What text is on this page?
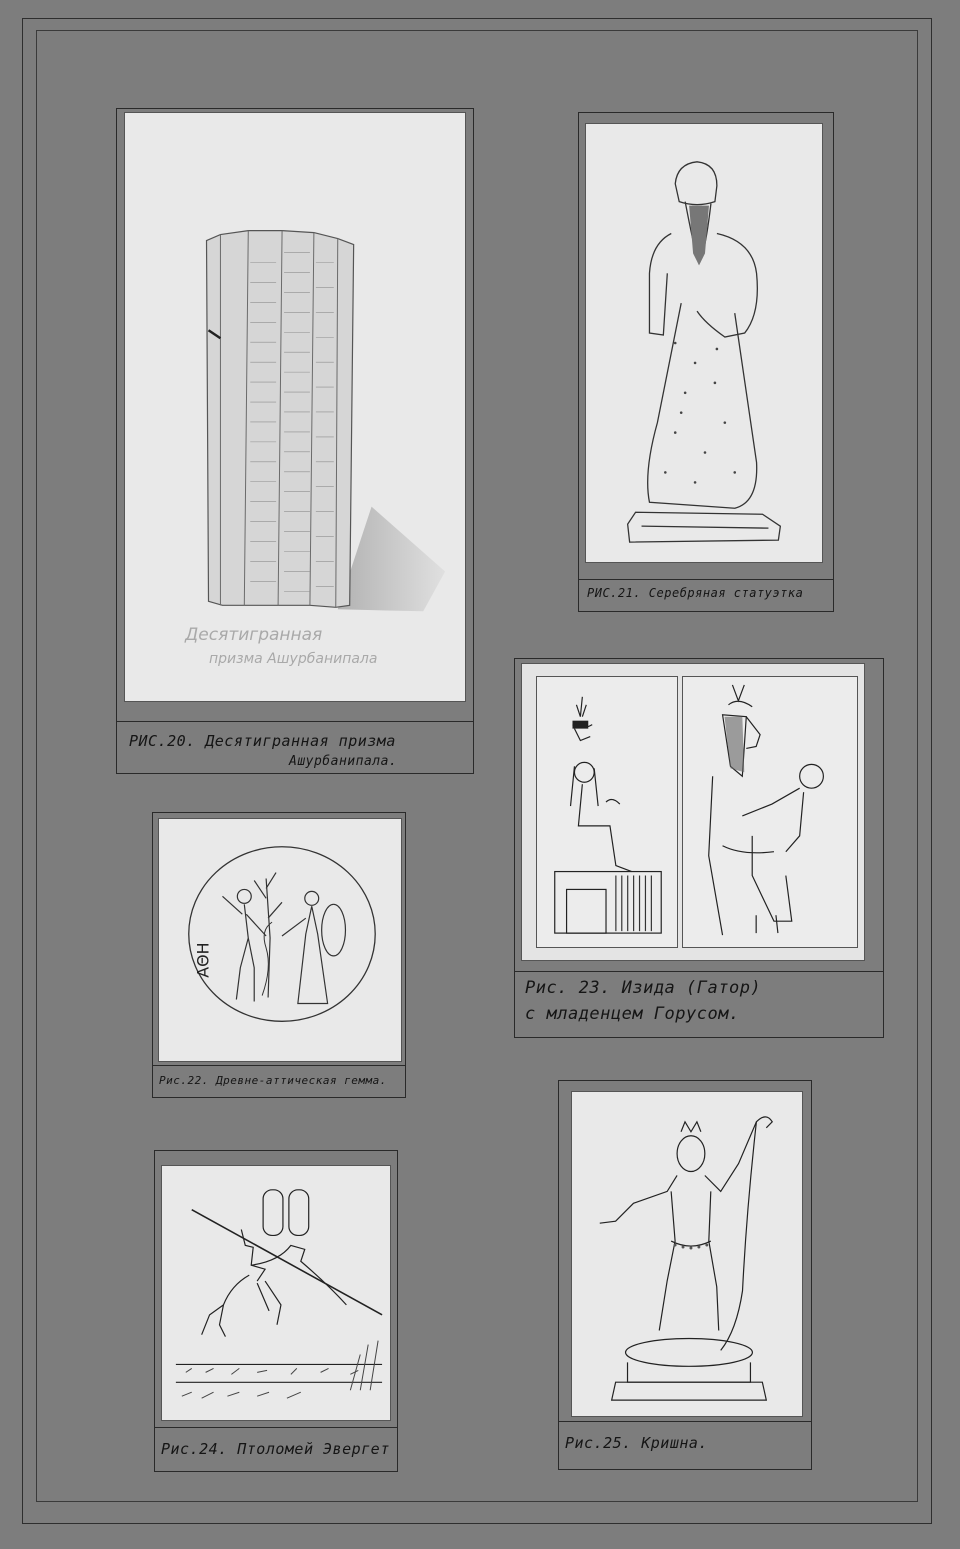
Десятигранная
призма Ашурбанипала
РИС.20. Десятигранная призма
Ашурбанипала.
РИС.21. Серебряная статуэтка
ΑΘΗ
Рис.22. Древне-аттическая гемма.
Рис. 23. Изида (Гатор)
с младенцем Горусом.
Рис.24. Птоломей Эвергет	Рис.25. Кришна.
